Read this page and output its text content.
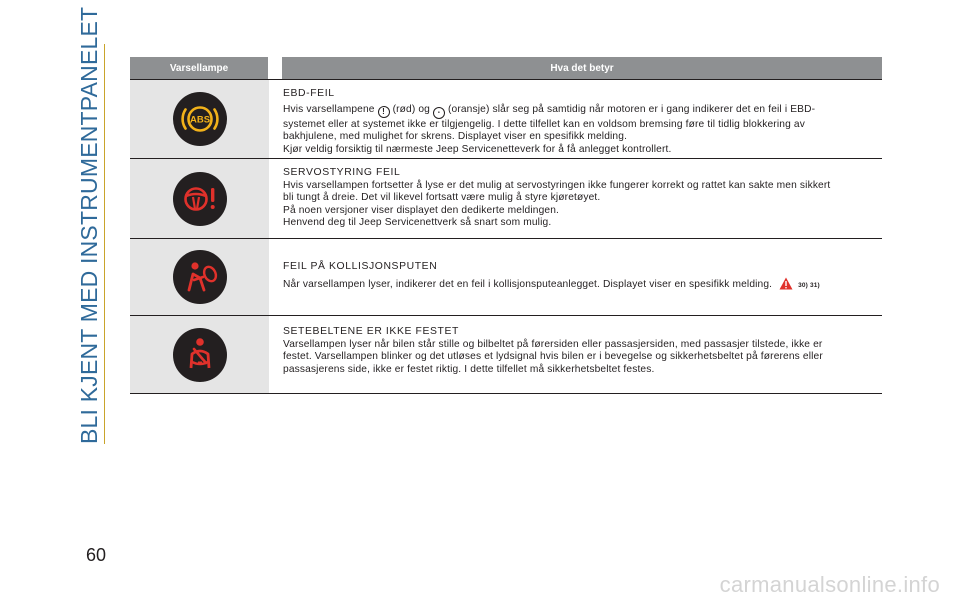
BLI KJENT MED INSTRUMENTPANELET	Varsellampe	Hva det betyr
ABS
EBD-FEIL
Hvis varsellampene ! (rød) og • (oransje) slår seg på samtidig når motoren er i gang indikerer det en feil i EBD-
systemet eller at systemet ikke er tilgjengelig. I dette tilfellet kan en voldsom bremsing føre til tidlig blokkering av
bakhjulene, med mulighet for skrens. Displayet viser en spesifikk melding.
Kjør veldig forsiktig til nærmeste Jeep Servicenetteverk for å få anlegget kontrollert.
SERVOSTYRING FEIL
Hvis varsellampen fortsetter å lyse er det mulig at servostyringen ikke fungerer korrekt og rattet kan sakte men sikkert
bli tungt å dreie. Det vil likevel fortsatt være mulig å styre kjøretøyet.
På noen versjoner viser displayet den dedikerte meldingen.
Henvend deg til Jeep Servicenettverk så snart som mulig.
FEIL PÅ KOLLISJONSPUTEN
Når varsellampen lyser, indikerer det en feil i kollisjonsputeanlegget. Displayet viser en spesifikk melding.	30) 31)
SETEBELTENE ER IKKE FESTET
Varsellampen lyser når bilen står stille og bilbeltet på førersiden eller passasjersiden, med passasjer tilstede, ikke er
festet. Varsellampen blinker og det utløses et lydsignal hvis bilen er i bevegelse og sikkerhetsbeltet på førerens eller
passasjerens side, ikke er festet riktig. I dette tilfellet må sikkerhetsbeltet festes.
60
carmanualsonline.info
